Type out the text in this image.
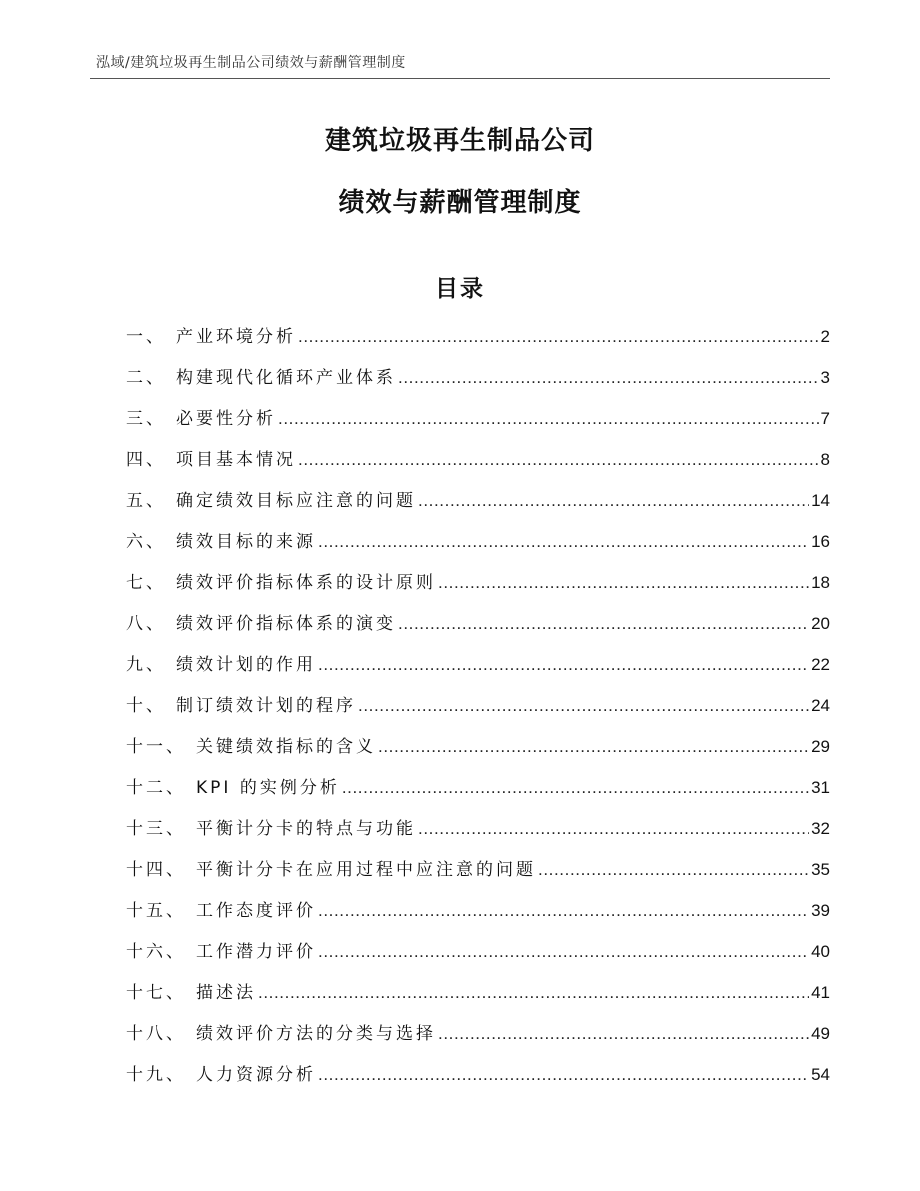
泓域/建筑垃圾再生制品公司绩效与薪酬管理制度
建筑垃圾再生制品公司
绩效与薪酬管理制度
目录
一、 产业环境分析 .....	2
二、 构建现代化循环产业体系 .....	3
三、 必要性分析 .....	7
四、 项目基本情况 .....	8
五、 确定绩效目标应注意的问题 .....	14
六、 绩效目标的来源 .....	16
七、 绩效评价指标体系的设计原则 .....	18
八、 绩效评价指标体系的演变 .....	20
九、 绩效计划的作用 .....	22
十、 制订绩效计划的程序 .....	24
十一、 关键绩效指标的含义 .....	29
十二、 KPI 的实例分析 .....	31
十三、 平衡计分卡的特点与功能 .....	32
十四、 平衡计分卡在应用过程中应注意的问题 .....	35
十五、 工作态度评价 .....	39
十六、 工作潜力评价 .....	40
十七、 描述法 .....	41
十八、 绩效评价方法的分类与选择 .....	49
十九、 人力资源分析 .....	54
